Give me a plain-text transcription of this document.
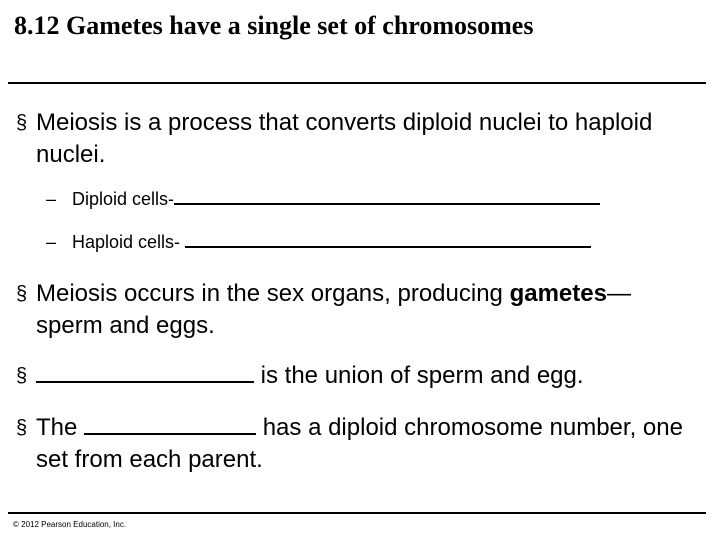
8.12 Gametes have a single set of chromosomes
§ Meiosis is a process that converts diploid nuclei to haploid nuclei.
– Diploid cells-
– Haploid cells-
§ Meiosis occurs in the sex organs, producing gametes—sperm and eggs.
§	is the union of sperm and egg.
§ The	has a diploid chromosome number, one set from each parent.
© 2012 Pearson Education, Inc.
